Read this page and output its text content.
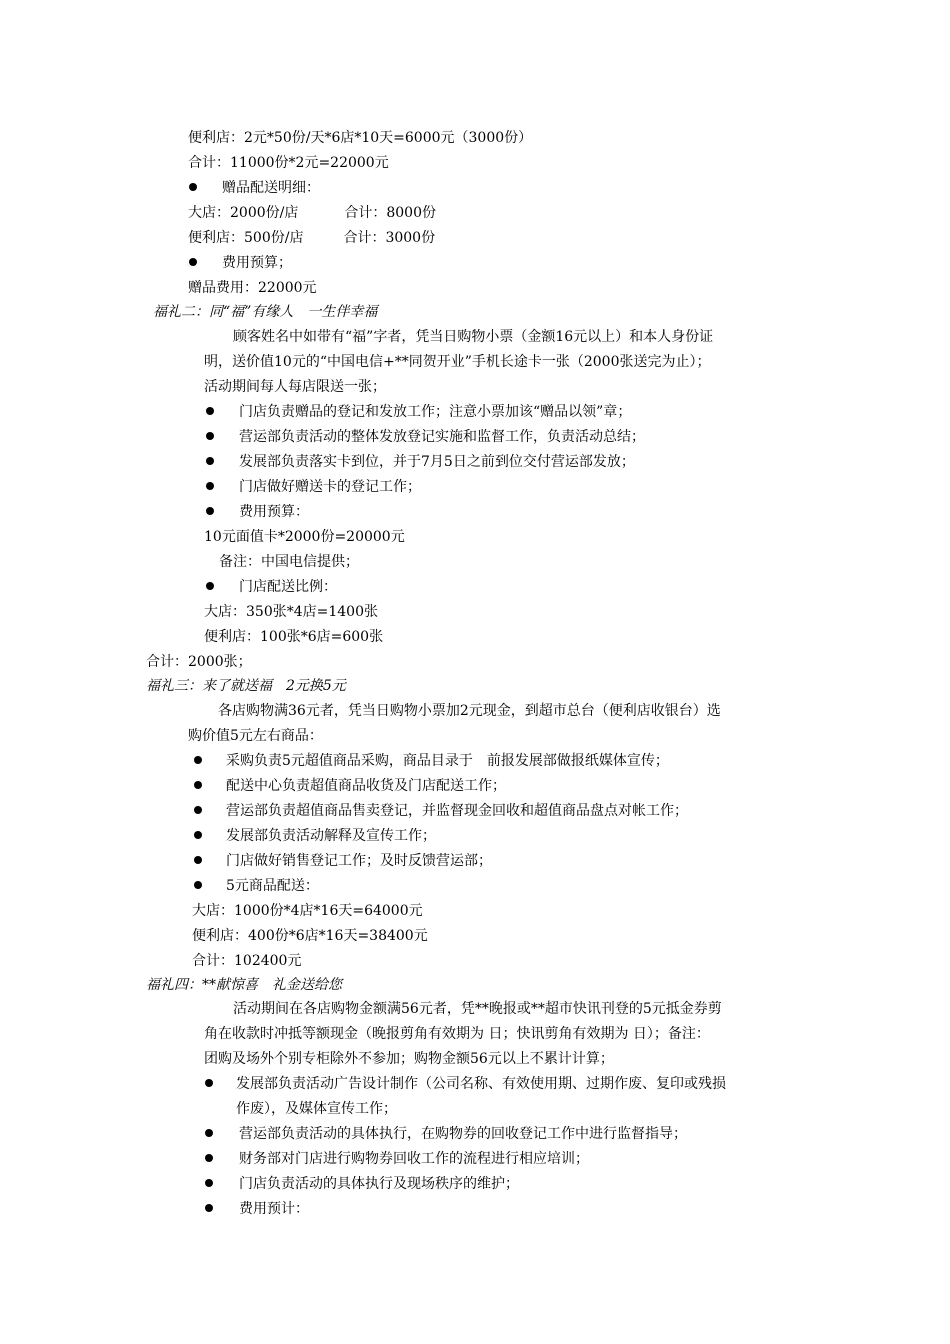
便利店：2元*50份/天*6店*10天=6000元（3000份）
合计：11000份*2元=22000元
赠品配送明细：
大店：2000份/店	合计：8000份
便利店：500份/店	合计：3000份
费用预算；
赠品费用：22000元
福礼二：同“福”有缘人　一生伴幸福
顾客姓名中如带有“福”字者，凭当日购物小票（金额16元以上）和本人身份证
明，送价值10元的“中国电信+**同贺开业”手机长途卡一张（2000张送完为止）；
活动期间每人每店限送一张；
门店负责赠品的登记和发放工作；注意小票加该“赠品以领”章；
营运部负责活动的整体发放登记实施和监督工作，负责活动总结；
发展部负责落实卡到位，并于7月5日之前到位交付营运部发放；
门店做好赠送卡的登记工作；
费用预算：
10元面值卡*2000份=20000元
备注：中国电信提供；
门店配送比例：
大店：350张*4店=1400张
便利店：100张*6店=600张
合计：2000张；
福礼三：来了就送福　2元换5元
各店购物满36元者，凭当日购物小票加2元现金，到超市总台（便利店收银台）选
购价值5元左右商品：
采购负责5元超值商品采购，商品目录于　前报发展部做报纸媒体宣传；
配送中心负责超值商品收货及门店配送工作；
营运部负责超值商品售卖登记，并监督现金回收和超值商品盘点对帐工作；
发展部负责活动解释及宣传工作；
门店做好销售登记工作；及时反馈营运部；
5元商品配送：
大店：1000份*4店*16天=64000元
便利店：400份*6店*16天=38400元
合计：102400元
福礼四：**献惊喜　礼金送给您
活动期间在各店购物金额满56元者，凭**晚报或**超市快讯刊登的5元抵金券剪
角在收款时冲抵等额现金（晚报剪角有效期为 日；快讯剪角有效期为 日）；备注：
团购及场外个别专柜除外不参加；购物金额56元以上不累计计算；
发展部负责活动广告设计制作（公司名称、有效使用期、过期作废、复印或残损
作废），及媒体宣传工作；
营运部负责活动的具体执行，在购物券的回收登记工作中进行监督指导；
财务部对门店进行购物券回收工作的流程进行相应培训；
门店负责活动的具体执行及现场秩序的维护；
费用预计：
